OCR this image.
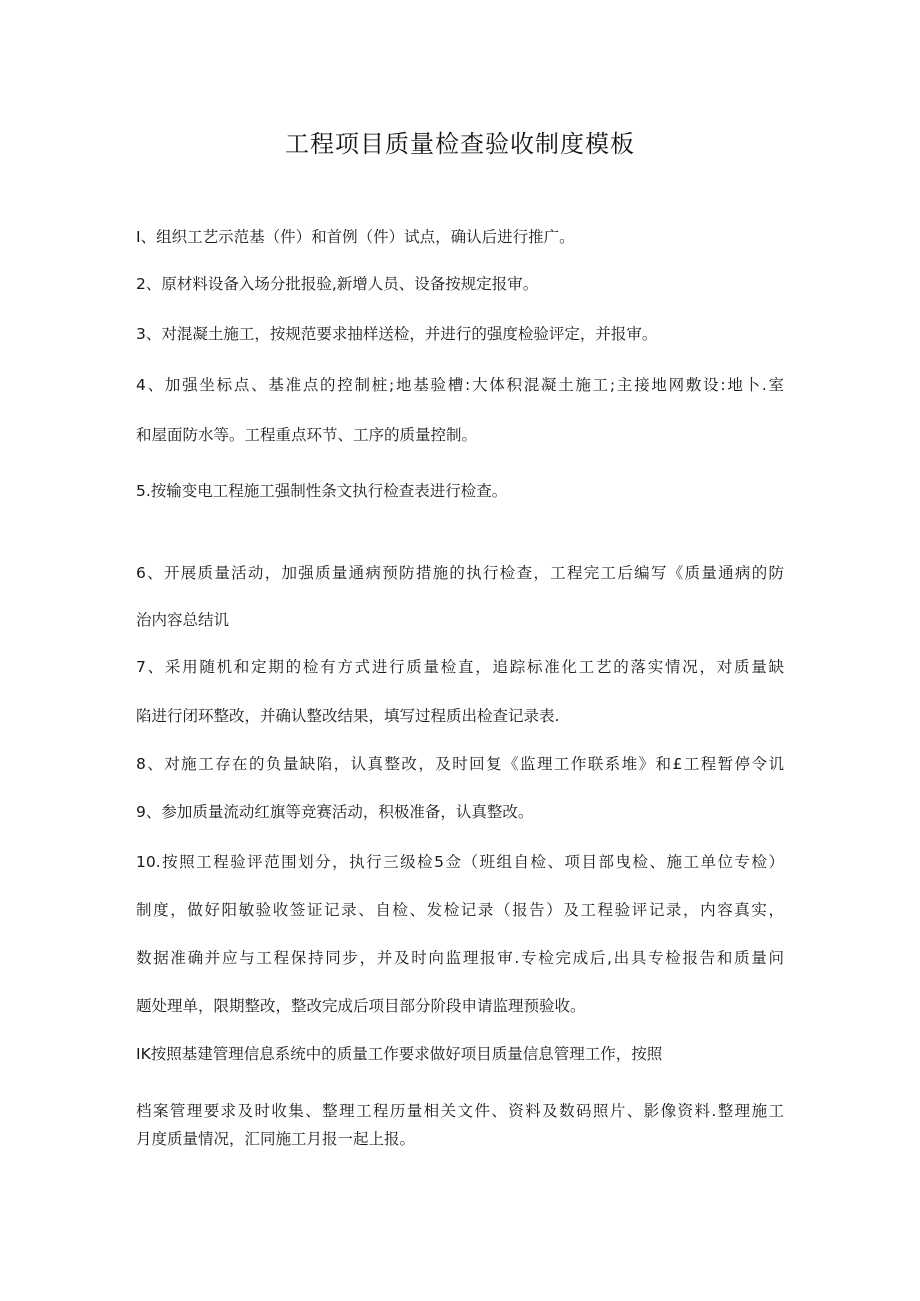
工程项目质量检查验收制度模板
I、组织工艺示范基（件）和首例（件）试点，确认后进行推广。
2、原材料设备入场分批报验,新增人员、设备按规定报审。
3、对混凝土施工，按规范要求抽样送检，并进行的强度检验评定，并报审。
4、加强坐标点、基准点的控制桩;地基验槽:大体积混凝土施工;主接地网敷设:地卜.室
和屋面防水等。工程重点环节、工序的质量控制。
5.按输变电工程施工强制性条文执行检查表进行检查。
6、开展质量活动，加强质量通病预防措施的执行检查，工程完工后编写《质量通病的防
治内容总结讥
7、采用随机和定期的检有方式进行质量检直，追踪标准化工艺的落实情况，对质量缺
陷进行闭环整改，并确认整改结果，填写过程质出检查记录表.
8、对施工存在的负量缺陷，认真整改，及时回复《监理工作联系堆》和£工程暂停令讥
9、参加质量流动红旗等竞赛活动，积极准备，认真整改。
10.按照工程验评范围划分，执行三级检5佥（班组自检、项目部曳检、施工单位专检）
制度，做好阳敏验收签证记录、自检、发检记录（报告）及工程验评记录，内容真实，
数据准确并应与工程保持同步，并及时向监理报审.专检完成后,出具专检报告和质量问
题处理单，限期整改，整改完成后项目部分阶段申请监理预验收。
IK按照基建管理信息系统中的质量工作要求做好项目质量信息管理工作，按照
档案管理要求及时收集、整理工程历量相关文件、资料及数码照片、影像资料.整理施工
月度质量情况，汇同施工月报一起上报。
